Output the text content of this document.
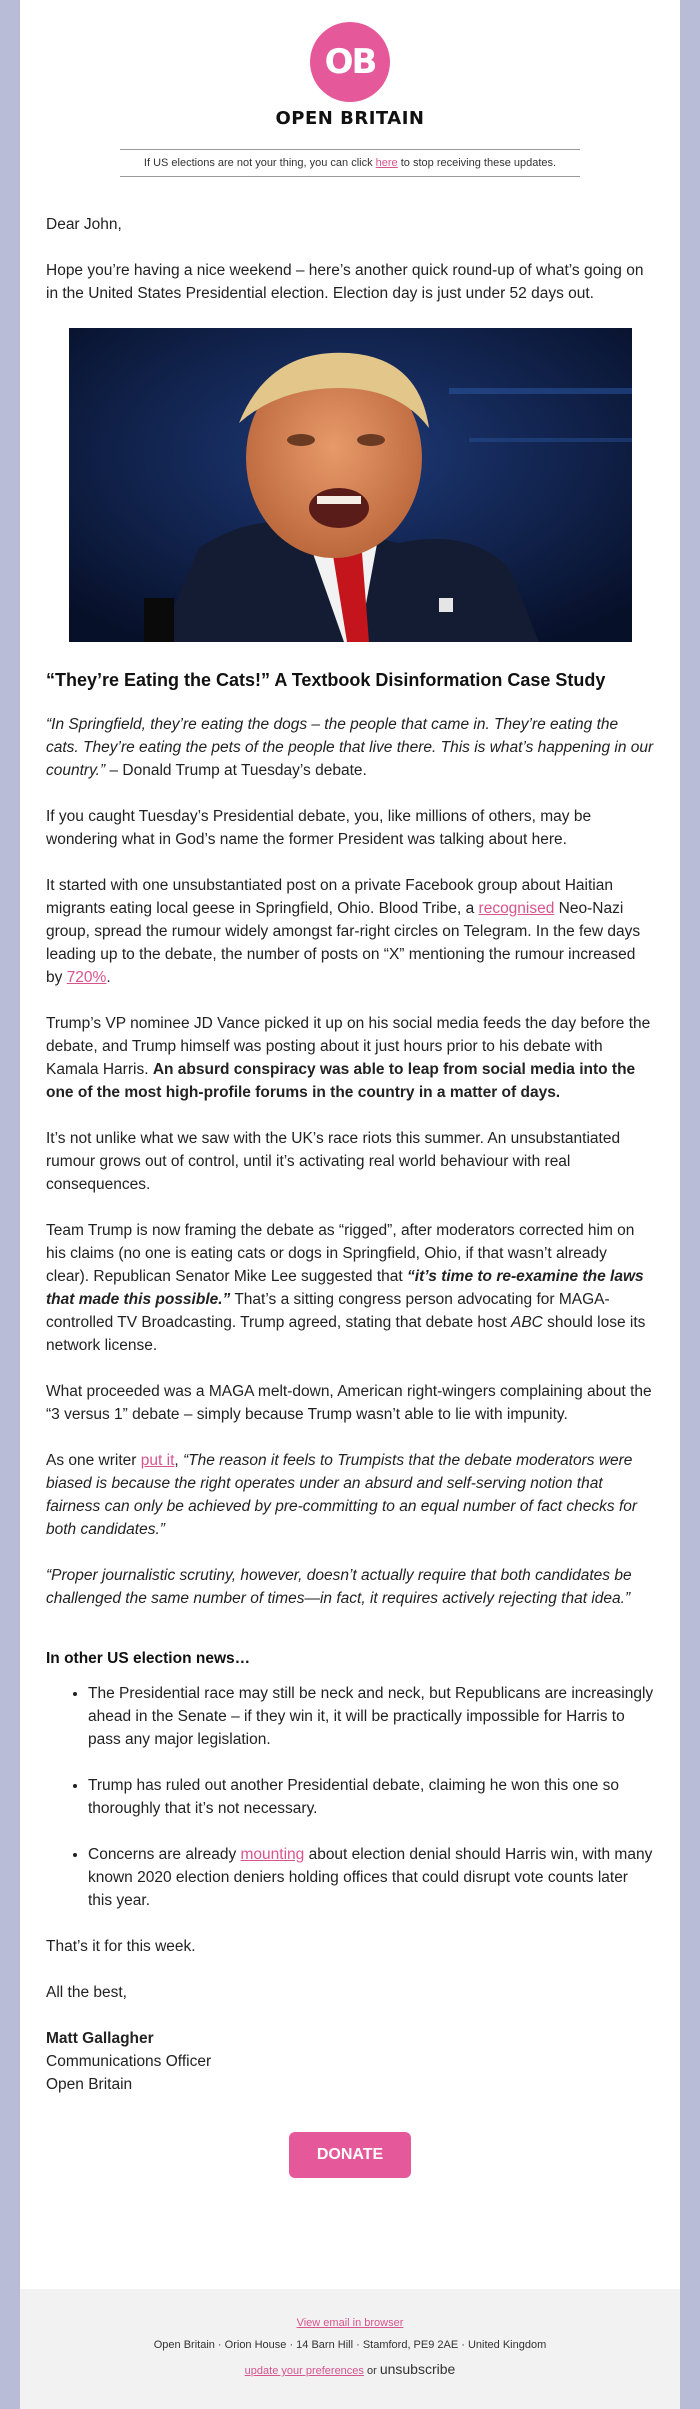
OB
OPEN BRITAIN
If US elections are not your thing, you can click here to stop receiving these updates.

Dear John,

Hope you’re having a nice weekend – here’s another quick round-up of what’s going on in the United States Presidential election. Election day is just under 52 days out.

“They’re Eating the Cats!” A Textbook Disinformation Case Study

“In Springfield, they’re eating the dogs – the people that came in. They’re eating the cats. They’re eating the pets of the people that live there. This is what’s happening in our country.” – Donald Trump at Tuesday’s debate.

If you caught Tuesday’s Presidential debate, you, like millions of others, may be wondering what in God’s name the former President was talking about here.

It started with one unsubstantiated post on a private Facebook group about Haitian migrants eating local geese in Springfield, Ohio. Blood Tribe, a recognised Neo-Nazi group, spread the rumour widely amongst far-right circles on Telegram. In the few days leading up to the debate, the number of posts on “X” mentioning the rumour increased by 720%.

Trump’s VP nominee JD Vance picked it up on his social media feeds the day before the debate, and Trump himself was posting about it just hours prior to his debate with Kamala Harris. An absurd conspiracy was able to leap from social media into the one of the most high-profile forums in the country in a matter of days.

It’s not unlike what we saw with the UK’s race riots this summer. An unsubstantiated rumour grows out of control, until it’s activating real world behaviour with real consequences.

Team Trump is now framing the debate as “rigged”, after moderators corrected him on his claims (no one is eating cats or dogs in Springfield, Ohio, if that wasn’t already clear). Republican Senator Mike Lee suggested that “it’s time to re-examine the laws that made this possible.” That’s a sitting congress person advocating for MAGA-controlled TV Broadcasting. Trump agreed, stating that debate host ABC should lose its network license.

What proceeded was a MAGA melt-down, American right-wingers complaining about the “3 versus 1” debate – simply because Trump wasn’t able to lie with impunity.

As one writer put it, “The reason it feels to Trumpists that the debate moderators were biased is because the right operates under an absurd and self-serving notion that fairness can only be achieved by pre-committing to an equal number of fact checks for both candidates.”

“Proper journalistic scrutiny, however, doesn’t actually require that both candidates be challenged the same number of times—in fact, it requires actively rejecting that idea.”

In other US election news…
• The Presidential race may still be neck and neck, but Republicans are increasingly ahead in the Senate – if they win it, it will be practically impossible for Harris to pass any major legislation.
• Trump has ruled out another Presidential debate, claiming he won this one so thoroughly that it’s not necessary.
• Concerns are already mounting about election denial should Harris win, with many known 2020 election deniers holding offices that could disrupt vote counts later this year.

That’s it for this week.

All the best,

Matt Gallagher

Communications Officer

Open Britain

DONATE
View email in browser
Open Britain · Orion House · 14 Barn Hill · Stamford, PE9 2AE · United Kingdom
update your preferences or unsubscribe
